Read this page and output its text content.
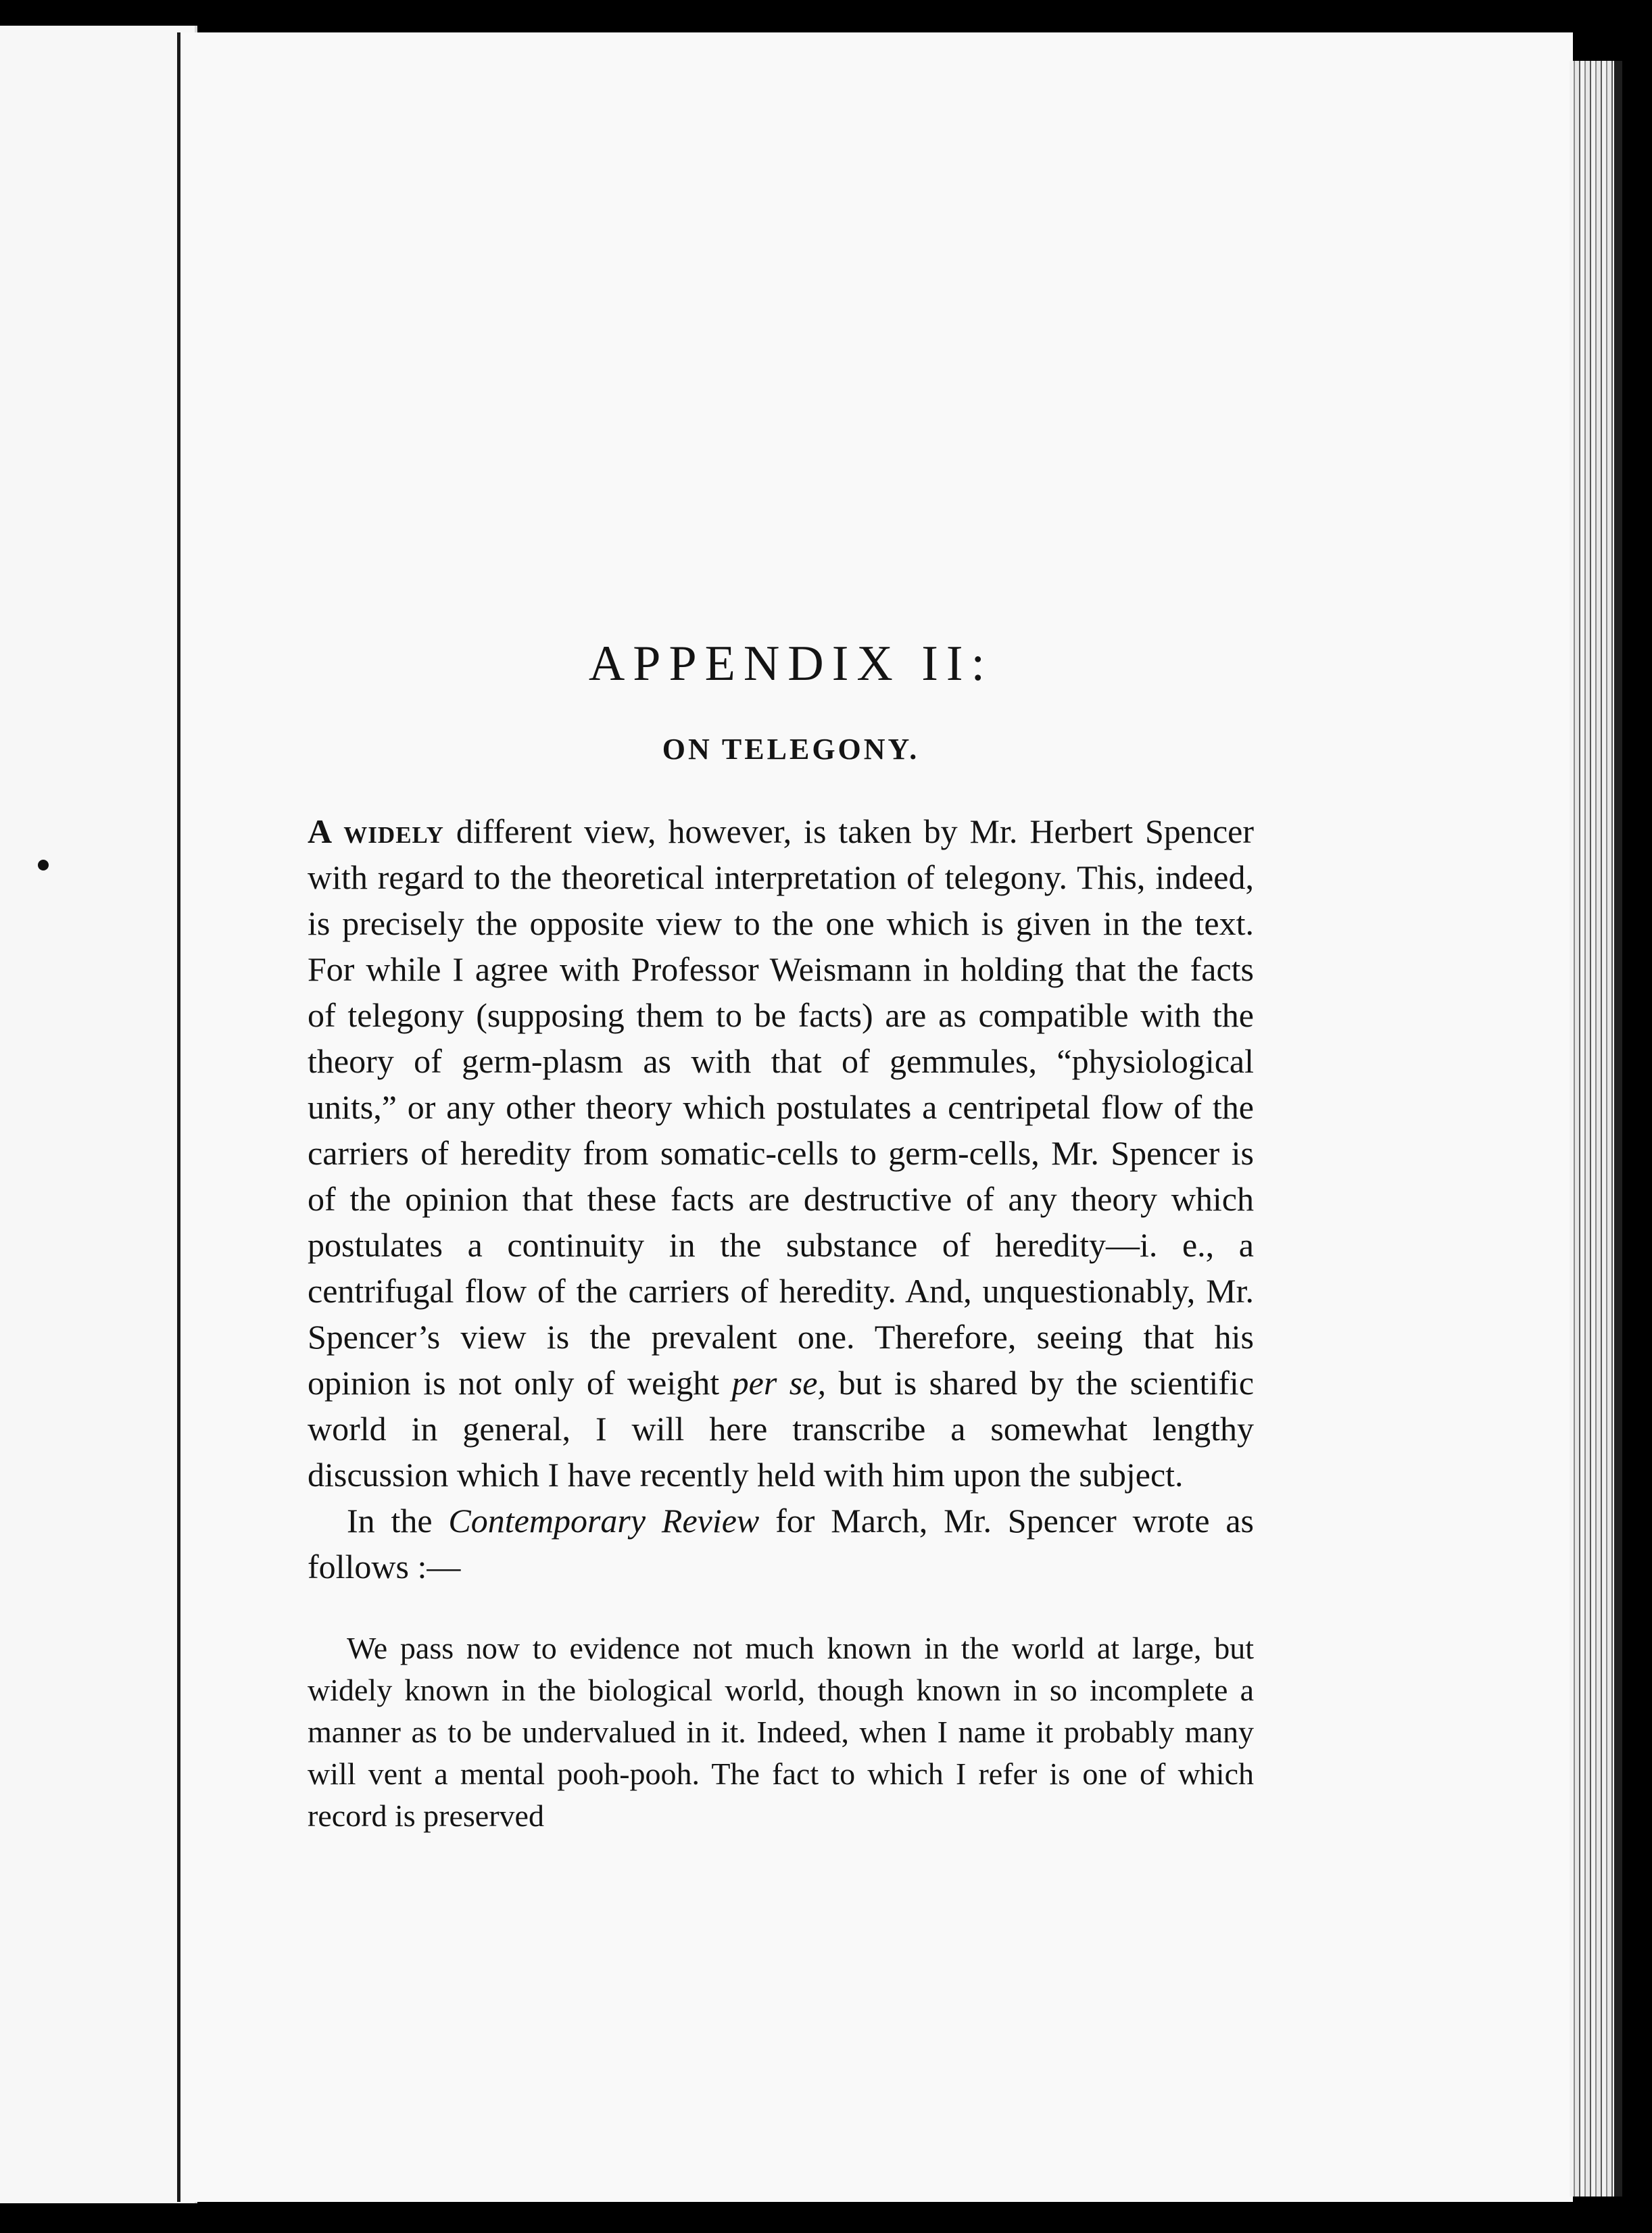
APPENDIX II:
ON TELEGONY.

A widely different view, however, is taken by Mr. Herbert Spencer with regard to the theoretical interpretation of telegony. This, indeed, is precisely the opposite view to the one which is given in the text. For while I agree with Professor Weismann in holding that the facts of telegony (supposing them to be facts) are as compatible with the theory of germ-plasm as with that of gemmules, “physiological units,” or any other theory which postulates a centripetal flow of the carriers of heredity from somatic-cells to germ-cells, Mr. Spencer is of the opinion that these facts are destructive of any theory which postulates a continuity in the substance of heredity—i. e., a centrifugal flow of the carriers of heredity. And, unquestionably, Mr. Spencer’s view is the prevalent one. Therefore, seeing that his opinion is not only of weight per se, but is shared by the scientific world in general, I will here transcribe a somewhat lengthy discussion which I have recently held with him upon the subject.

In the Contemporary Review for March, Mr. Spencer wrote as follows :—

We pass now to evidence not much known in the world at large, but widely known in the biological world, though known in so incomplete a manner as to be undervalued in it. Indeed, when I name it probably many will vent a mental pooh-pooh. The fact to which I refer is one of which record is preserved
